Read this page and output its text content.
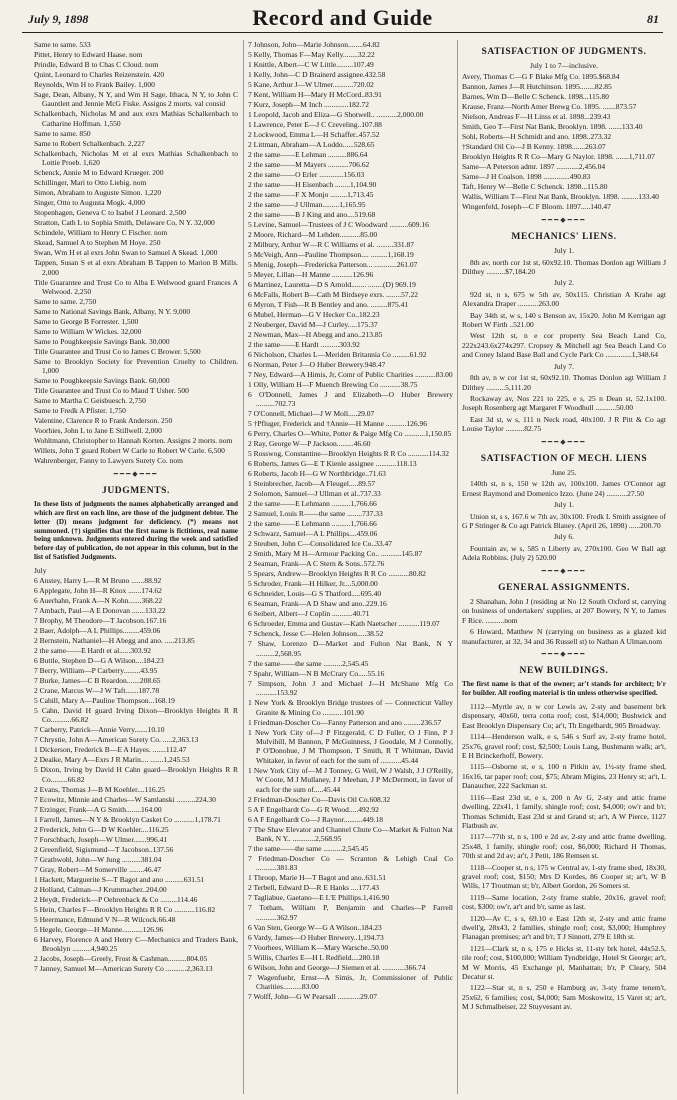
July 9, 1898	Record and Guide	81
Same to same. 533
Pittet, Henry to Edward Haase. nom
Prindle, Edward B to Chas C Cloud. nom
Quint, Leonard to Charles Reizenstein. 420
Reynolds, Wm H to Frank Bailey. 1,000
Sage, Dean, Albany, N Y, and Wm H Sage, Ithaca, N Y, to John C Gauntlett and Jennie McG Fiske. Assigns 2 morts. val consid
Schalkenbach, Nicholas M and aux exrs Mathias Schalkenbach to Catharine Hoffman. 1,550
Same to same. 850
Same to Robert Schalkenbach. 2,227
Schalkenbach, Nicholas M et al exrs Mathias Schalkenbach to Lottie Proeb. 1,620
Schenck, Annie M to Edward Krueger. 200
Schillinger, Mari to Otto Liebig. nom
Simon, Abraham to Auguste Simon. 1,220
Singer, Otto to Augusta Mogk. 4,000
Stopenhagen, Geneva C to Isabel J Leonard. 2,500
Stratton, Cath L to Sophia Smith, Delaware Co, N Y. 32,000
Schindele, William to Henry C Fischer. nom
Skead, Samuel A to Stephen M Hoye. 250
Swan, Wm H et al exrs John Swan to Samuel A Skead. 1,000
Tappen, Susan S et al exrs Abraham B Tappen to Marion B Mills. 2,000
Title Guarantee and Trust Co to Alba E Welwood guard Frances A Welwood. 2,250
Same to same. 2,750
Same to National Savings Bank, Albany, N Y. 9,000
Same to George B Forrester. 1,500
Same to William W Wickes. 32,000
Same to Poughkeepsie Savings Bank. 30,000
Title Guarantee and Trust Co to James C Brower. 5,500
Same to Brooklyn Society for Prevention Cruelty to Children. 1,000
Same to Poughkeepsie Savings Bank. 60,000
Title Guarantee and Trust Co to Maud T Usher. 500
Same to Martha C Geisbuesch. 2,750
Same to Fredk A Pfister. 1,750
Valentine, Clarence R to Frank Anderson. 250
Voorhies, John L to Jane E Stillwell. 2,000
Wohltmann, Christopher to Hannah Korten. Assigns 2 morts. nom
Willets, John T guard Robert W Carle to Robert W Carle. 6,500
Wahrenberger, Fanny to Lawyers Surety Co. nom
━━━◆━━━
JUDGMENTS.
In these lists of judgments the names alphabetically arranged and which are first on each line, are those of the judgment debtor. The letter (D) means judgment for deficiency. (*) means not summoned. (†) signifies that the first name is fictitious, real name being unknown. Judgments entered during the week and satisfied before day of publication, do not appear in this column, but in the list of Satisfied Judgments.
July
6 Anstey, Harry L—R M Bruno .......88.92
6 Applegate, John H—R Knox .......174.62
6 Auerhahn, Frank A—N Kohn.......368.22
7 Ambach, Paul—A E Donovan .......133.22
7 Brophy, M Theodore—T Jacobson.167.16
2 Baer, Adolph—A L Phillips.........459.06
2 Bernstein, Nathaniel—H Abegg and ano. .....213.85
2 the same——E Hardt et al......303.92
6 Buttle, Stephen D—G A Wilson....184.23
7 Berry, William—P Carberry.........43.95
7 Burke, James—C B Reardon.......208.65
2 Crane, Marcus W—J W Taft.......187.78
5 Cahill, Mary A—Pauline Thompson...168.19
5 Cahn, David H guard Irving Dixon—Brooklyn Heights R R Co...........66.82
7 Carberry, Patrick—Annie Verry.......10.10
7 Chrystie, John A—American Surety Co. .....2,363.13
1 Dickerson, Frederick B—E A Hayes. .......112.47
2 Deaike, Mary A—Exrs J R Marin.... .......1,245.53
5 Dixon, Irving by David H Cahn guard—Brooklyn Heights R R Co.........66.82
2 Evans, Thomas J—B M Koehler....116.25
7 Ecowitz, Minnie and Charles—W Samlanski ..........224.30
7 Erzinger, Frank—A G Smith........164.00
1 Farrell, James—N Y & Brooklyn Casket Co ...........1,178.71
2 Frederick, John G—D W Koehler....116.25
7 Forschbach, Joseph—W Ulmer.......996.41
2 Greenfield, Sigismund—T Jacobson..137.56
7 Grathwohl, John—W Jung ..........381.04
7 Gray, Robert—M Somerville ........46.47
1 Hackett, Marguerite S—T Bagot and ano ..........631.51
2 Holland, Calman—J Krummacher..204.00
2 Heydt, Frederick—P Oehrenback & Co .........114.46
5 Hein, Charles F—Brooklyn Heights R R Co ...........116.82
5 Heermance, Edmund V N—R Wilcock.66.48
5 Hegele, George—H Manne...........126.96
6 Harvey, Florence A and Henry C—Mechanics and Traders Bank, Brooklyn ..........4,940.25
2 Jacobs, Joseph—Greely, Frost & Cashman..........804.05
7 Janney, Samuel M—American Surety Co ...........2,363.13
7 Johnson, John—Marie Johnson........64.82
5 Kelly, Thomas F—May Kelly........32.22
1 Knittle, Albert—C W Little.........107.49
1 Kelly, John—C D Brainerd assignee.432.58
5 Kane, Arthur J—W Ulmer...........720.02
7 Kent, William H—Mary H McCord..83.91
7 Kurz, Joseph—M Inch .............182.72
1 Leopold, Jacob and Eliza—G Shotwell.. ...........2,000.00
1 Lawrence, Peter E—J C Creveling..107.88
2 Lockwood, Emma L—H Schaffer..457.52
2 Littman, Abraham—A Loddo......528.65
2 the same——E Lehman ..........886.64
2 the same——M Mayers ...........706.62
2 the same——O Erler .............156.03
2 the same——H Eisenbach ........1,104.90
2 the same——F X Monjo .........1,713.45
2 the same——J Ullman.........1,165.95
2 the same——B J King and ano....519.68
5 Levine, Samuel—Trustees of J C Woodward ..........609.16
2 Moore, Richard—M Lehden...........85.00
2 Milbury, Arthur W—R C Williams et al. .........331.87
5 McVeigh, Ann—Pauline Thompson.... .........1,168.19
5 Menig, Joseph—Fredericka Patterson... ............261.07
5 Meyer, Lillan—H Manne ...........126.96
6 Martinez, Lauretta—D S Arnold........ ........(D) 969.19
6 McFalls, Robert B—Cath M Birdseye exrs. ........57.22
6 Myron, T Fish—R B Bentley and ano. .........875.41
6 Mubel, Herman—G V Hecker Co..182.23
2 Neuberger, David M—J Curley.....175.37
2 Newman, Max—H Abegg and ano..213.85
2 the same——E Hardt ..........303.92
6 Nicholson, Charles L—Meriden Britannia Co .........61.92
6 Norman, Peter J—O Huber Brewery.948.47
7 Ney, Edward—A Himis, Jr, Comr of Public Charities ...........83.00
1 Olly, William H—F Muench Brewing Co ...........38.75
6 O'Donnell, James J and Elizabeth—O Huber Brewery ..........702.73
7 O'Connell, Michael—J W Moll.....29.07
5 †Pfluger, Frederick and †Annie—H Manne ...........126.96
6 Perry, Charles O—White, Potter & Paige Mfg Co ...........1,150.85
2 Ray, George W—P Jackson.........46.60
5 Rosswog, Constantine—Brooklyn Heights R R Co ...........114.32
6 Roberts, James G—E T Kienle assignee ...........118.13
6 Roberts, Jacob H—G W Northbridge..71.63
1 Steinbrecher, Jacob—A Fleugel.....89.57
2 Solomon, Samuel—J Ullman et al..737.33
2 the same——E Lehmann ..........1,766.66
2 Samuel, Louis R——the same ........737.33
2 the same——E Lehmann ..........1,766.66
2 Schwarz, Samuel—A L Phillips....459.06
2 Steuben, John C—Consolidated Ice Co..33.47
2 Smith, Mary M H—Armour Packing Co.. ...........145.87
2 Seaman, Frank—A C Stern & Sons..572.76
5 Spears, Andrew—Brooklyn Heights R R Co ...........80.82
5 Schroder, Frank—H Hilker, Jr....5,000.00
6 Schneider, Louis—G S Thatford.....695.40
6 Seaman, Frank—A D Shaw and ano..229.16
6 Seibert, Albert—J Coplin ...........40.71
6 Schroeder, Emma and Gustav—Kath Naetscher ...........119.07
7 Schenck, Jesse C—Helen Johnson.....38.52
7 Shaw, Lorenzo D—Market and Fulton Nat Bank, N Y ..........2,568.95
7 the same——the same ..........2,545.45
7 Spahr, William—N B McCrary Co.....55.16
7 Simpson, John J and Michael J—H McShane Mfg Co ...........153.92
1 New York & Brooklyn Bridge trustees of — Connecticut Valley Granite & Mining Co ...........101.90
1 Friedman-Doscher Co—Fanny Patterson and ano .........236.57
1 New York City of—J P Fitzgerald, C D Fuller, O J Finn, P J Mulvihill, M Bannon, P McGuinness, J Goodale, M J Connolly, P O'Donohue, J M Thompson, T Smith, R T Whitman, David Whitaker, in favor of each for the sum of ...........45.44
1 New York City of—M J Tonney, G Weil, W J Walsh, J J O'Reilly, W Coote, M J Mullaney, J J Meehan, J P McDermott, in favor of each for the sum of.....45.44
2 Friedman-Doscher Co—Davis Oil Co.608.32
5 A F Engelhardt Co—G R Wood.....492.92
6 A F Engelhardt Co—J Raynor..........449.18
7 The Shaw Elevator and Channel Chute Co—Market & Fulton Nat Bank, N Y.. ............2,568.95
7 the same——the same ..........2,545.45
7 Friedman-Doscher Co — Scranton & Lehigh Coal Co ...........381.83
1 Throop, Marie H—T Bagot and ano..631.51
2 Terbell, Edward D—R E Hanks ....177.43
7 Tagliabue, Gaetano—E L'E Phillips.1,416.90
7 Totham, William P, Benjamin and Charles—P Farrell ...........362.97
6 Van Sten, George W—G A Wilson..184.23
6 Vardy, James—O Huber Brewery..1,194.73
7 Voorhees, William K—Mary Warsche..50.00
5 Willis, Charles E—H L Redfield....280.18
6 Wilson, John and George—J Siemen et al. ............366.74
7 Wagenfuehr, Ernst—A Simis, Jr, Commissioner of Public Charities..........83.00
7 Wolff, John—G W Pearsall ............29.07
SATISFACTION OF JUDGMENTS.
July 1 to 7—inclusive.
Avery, Thomas C—G F Blake Mfg Co. 1895.$68.84
Bannon, James J—R Hutchinson. 1895........82.85
Barnes, Wm D—Belle C Schenck. 1898...115.80
Krause, Franz—North Amer Brewg Co. 1895. .......873.57
Nielson, Andreas F—H Linss et al. 1898...239.43
Smith, Geo T—First Nat Bank, Brooklyn. 1898. .......133.40
Sohl, Roberts—H Schmidt and ano. 1898..273.32
†Standard Oil Co—J B Kenny. 1898.......263.07
Brooklyn Heights R R Co—Mary G Naylor. 1898. .......1,711.07
Same—A Peterson admr. 1897 ............2,456.04
Same—J H Coalson. 1898 ..............490.83
Taft, Henry W—Belle C Schenck. 1898...115.80
Wallis, William T—First Nat Bank, Brooklyn. 1898. .........133.40
Wingenfeld, Joseph—C F Bloom. 1897.....140.47
━━━◆━━━
MECHANICS' LIENS.
July 1.
8th av, north cor 1st st, 60x92.10. Thomas Donlon agt William J Dilthey ..........$7,184.20
July 2.
92d st, n s, 675 w 5th av, 50x115. Christian A Krahe agt Alexandra Draper ...........263.00
Bay 34th st, w s, 140 s Benson av, 15x20. John M Kerrigan agt Robert W Firth ..521.00
West 12th st, n e cor property Sea Beach Land Co, 222x243.6x274x297. Cropsey & Mitchell agt Sea Beach Land Co and Coney Island Base Ball and Cycle Park Co ..............1,348.64
July 7.
8th av, n w cor 1st st, 60x92.10. Thomas Donlon agt William J Dilthey ..........5,111.20
Rockaway av, Nos 221 to 225, e s, 25 n Dean st, 52.1x100. Joseph Rosenberg agt Margaret F Woodhull ...........50.00
East 3d st, w s, 111 n Neck road, 40x100. J R Pitt & Co agt Louise Taylor ..........82.75
━━━◆━━━
SATISFACTION OF MECH. LIENS
June 25.
140th st, n s, 150 w 12th av, 100x100. James O'Connor agt Ernest Raymond and Domenico Izzo. (June 24) ...........27.50
July 1.
Union st, s s, 167.6 w 7th av, 30x100. Fredk L Smith assignee of G P Stringer & Co agt Patrick Blaney. (April 26, 1898) ......200.70
July 6.
Fountain av, w s, 585 n Liberty av, 270x100. Geo W Ball agt Adela Robbins. (July 2) 520.00
━━━◆━━━
GENERAL ASSIGNMENTS.
2 Shanahan, John J (residing at No 12 South Oxford st, carrying on business of undertakers' supplies, at 207 Bowery, N Y, to James F Rice. ..........nom
6 Howard, Matthew N (carrying on business as a glazed kid manufacturer, at 32, 34 and 36 Russell st) to Nathan A Ulman.nom
━━━◆━━━
NEW BUILDINGS.
The first name is that of the owner; ar't stands for architect; b'r for builder. All roofing material is tin unless otherwise specified.
1112—Myrtle av, n w cor Lewis av, 2-sty and basement brk dispensary, 40x60, terra cotta roof; cost, $14,000; Bushwick and East Brooklyn Dispensary Co; ar't, Th Engelhardt, 905 Broadway.
1114—Henderson walk, e s, 546 s Surf av, 2-sty frame hotel, 25x76, gravel roof; cost, $2,500; Louis Lang, Bushmann walk; ar't, E H Brinckerhoff, Bowery.
1115—Osborne st, e s, 100 n Pitkin av, 1½-sty frame shed, 16x16, tar paper roof; cost, $75; Abram Migins, 23 Henry st; ar't, L Danaucher, 222 Sackman st.
1116—East 23d st, e s, 200 n Av G, 2-sty and attic frame dwelling, 22x41, 1 family, shingle roof; cost, $4,000; ow'r and b'r, Thomas Schmidt, East 23d st and Grand st; ar't, A W Pierce, 1127 Flatbush av.
1117—77th st, n s, 100 e 2d av, 2-sty and attic frame dwelling, 25x48, 1 family, shingle roof; cost, $6,000; Richard H Thomas, 70th st and 2d av; ar't, J Petit, 186 Remsen st.
1118—Cooper st, n s, 175 w Central av, 1-sty frame shed, 18x30, gravel roof; cost, $150; Mrs D Kordes, 86 Cooper st; ar't, W B Wills, 17 Troutman st; b'r, Albert Gordon, 26 Somers st.
1119—Same location, 2-sty frame stable, 20x16, gravel roof; cost, $300; ow'r, ar't and b'r, same as last.
1120—Av C, s s, 69.10 e East 12th st, 2-sty and attic frame dwell'g, 28x43, 2 families, shingle roof; cost, $3,000; Humphrey Flanagan premises; ar't and b'r, T J Sinnott, 279 E 18th st.
1121—Clark st, n s, 175 e Hicks st, 11-sty brk hotel, 44x52.5, tile roof; cost, $100,000; William Tyndbridge, Hotel St George; ar't, M W Morris, 45 Exchange pl, Manhattan; b'r, P Cleary, 504 Decatur st.
1122—Star st, n s, 250 e Hamburg av, 3-sty frame tenem't, 25x62, 6 families; cost, $4,000; Sam Moskowitz, 15 Varet st; ar't, M J Schmalbeiser, 22 Stuyvesant av.
